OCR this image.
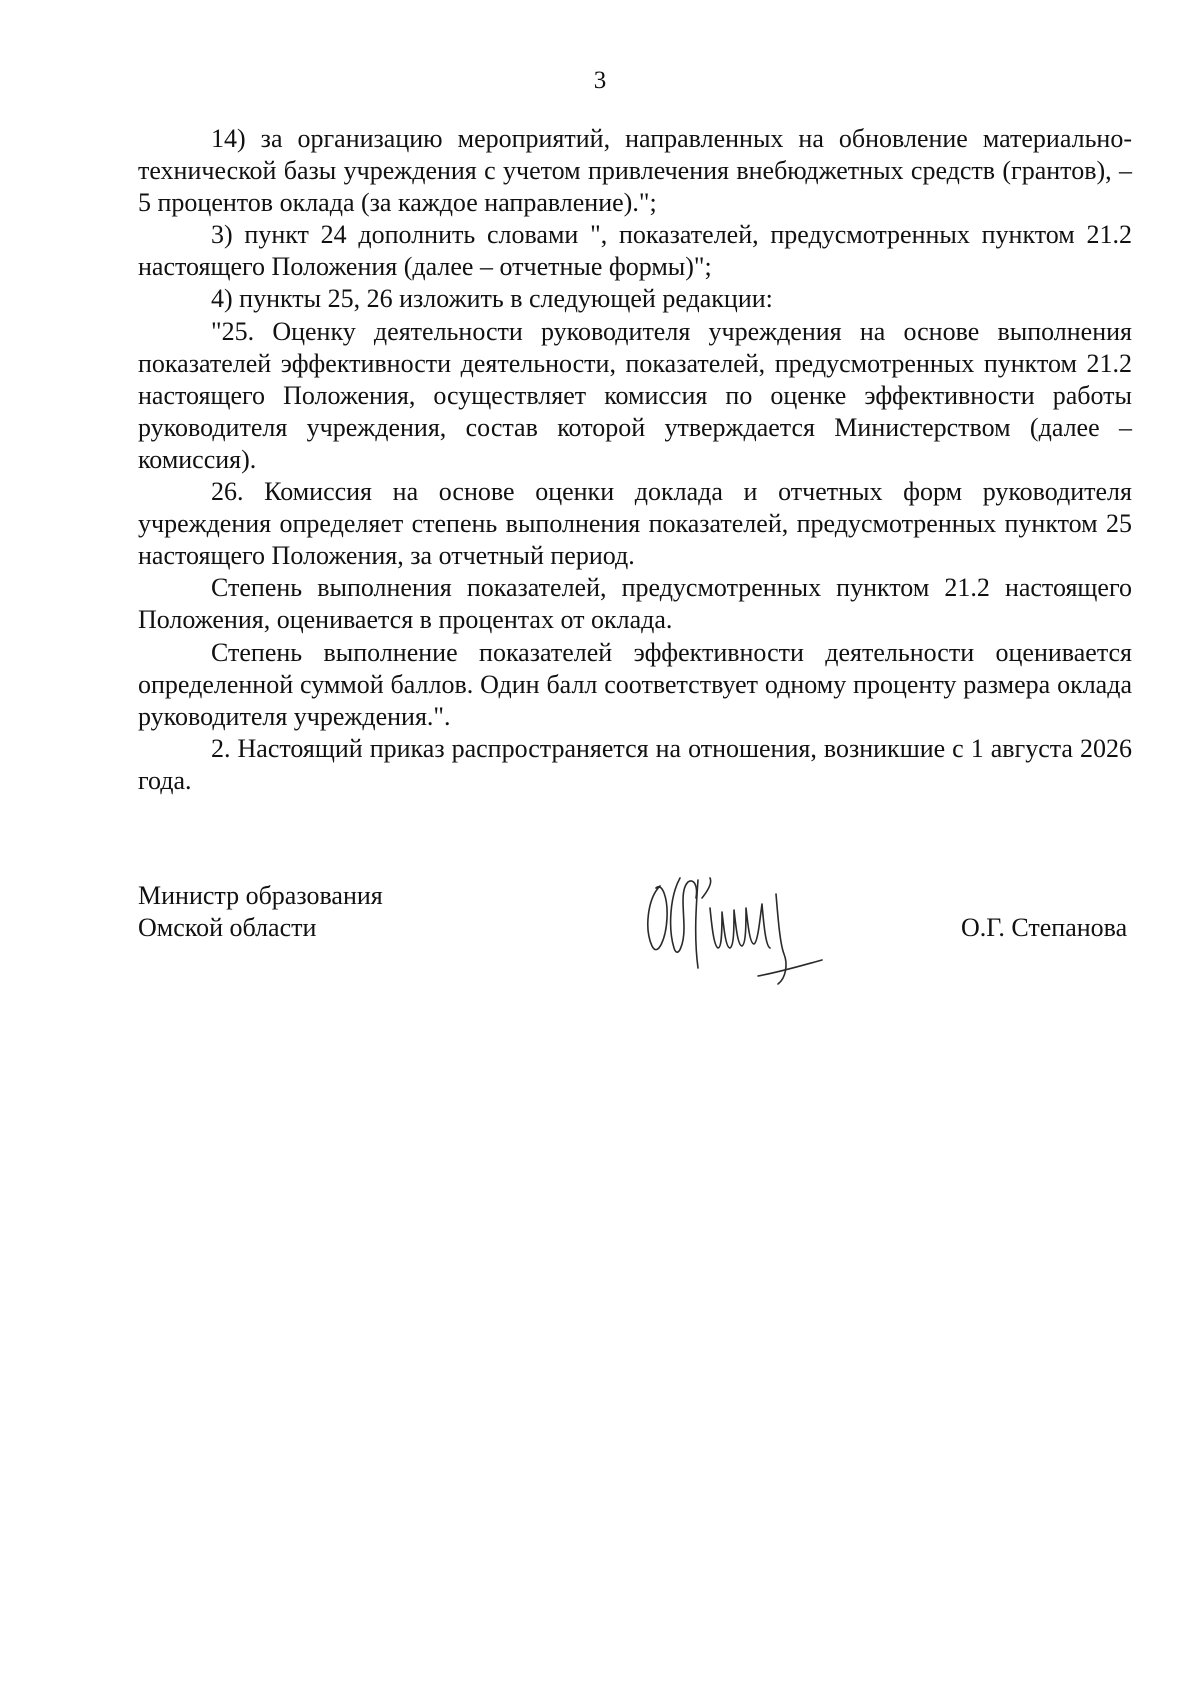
3

14) за организацию мероприятий, направленных на обновление материально-технической базы учреждения с учетом привлечения внебюджетных средств (грантов), – 5 процентов оклада (за каждое направление).";

3) пункт 24 дополнить словами ", показателей, предусмотренных пунктом 21.2 настоящего Положения (далее – отчетные формы)";

4) пункты 25, 26 изложить в следующей редакции:

"25. Оценку деятельности руководителя учреждения на основе выполнения показателей эффективности деятельности, показателей, предусмотренных пунктом 21.2 настоящего Положения, осуществляет комиссия по оценке эффективности работы руководителя учреждения, состав которой утверждается Министерством (далее – комиссия).

26. Комиссия на основе оценки доклада и отчетных форм руководителя учреждения определяет степень выполнения показателей, предусмотренных пунктом 25 настоящего Положения, за отчетный период.

Степень выполнения показателей, предусмотренных пунктом 21.2 настоящего Положения, оценивается в процентах от оклада.

Степень выполнение показателей эффективности деятельности оценивается определенной суммой баллов. Один балл соответствует одному проценту размера оклада руководителя учреждения.".

2. Настоящий приказ распространяется на отношения, возникшие с 1 августа 2026 года.

Министр образования
Омской области	О.Г. Степанова
